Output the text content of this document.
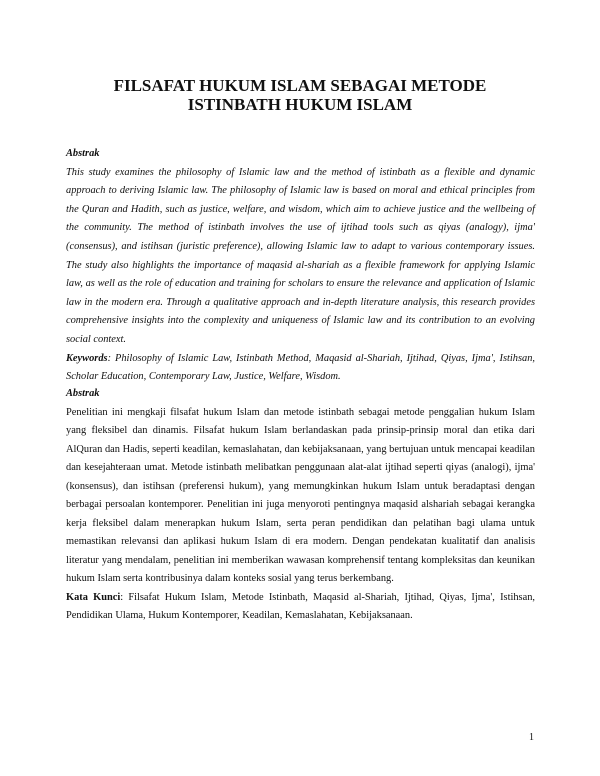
FILSAFAT HUKUM ISLAM SEBAGAI METODE
ISTINBATH HUKUM ISLAM
Abstrak

This study examines the philosophy of Islamic law and the method of istinbath as a flexible and dynamic approach to deriving Islamic law. The philosophy of Islamic law is based on moral and ethical principles from the Quran and Hadith, such as justice, welfare, and wisdom, which aim to achieve justice and the wellbeing of the community. The method of istinbath involves the use of ijtihad tools such as qiyas (analogy), ijma' (consensus), and istihsan (juristic preference), allowing Islamic law to adapt to various contemporary issues. The study also highlights the importance of maqasid al-shariah as a flexible framework for applying Islamic law, as well as the role of education and training for scholars to ensure the relevance and application of Islamic law in the modern era. Through a qualitative approach and in-depth literature analysis, this research provides comprehensive insights into the complexity and uniqueness of Islamic law and its contribution to an evolving social context.

Keywords: Philosophy of Islamic Law, Istinbath Method, Maqasid al-Shariah, Ijtihad, Qiyas, Ijma', Istihsan, Scholar Education, Contemporary Law, Justice, Welfare, Wisdom.

Abstrak

Penelitian ini mengkaji filsafat hukum Islam dan metode istinbath sebagai metode penggalian hukum Islam yang fleksibel dan dinamis. Filsafat hukum Islam berlandaskan pada prinsip-prinsip moral dan etika dari AlQuran dan Hadis, seperti keadilan, kemaslahatan, dan kebijaksanaan, yang bertujuan untuk mencapai keadilan dan kesejahteraan umat. Metode istinbath melibatkan penggunaan alat-alat ijtihad seperti qiyas (analogi), ijma' (konsensus), dan istihsan (preferensi hukum), yang memungkinkan hukum Islam untuk beradaptasi dengan berbagai persoalan kontemporer. Penelitian ini juga menyoroti pentingnya maqasid alshariah sebagai kerangka kerja fleksibel dalam menerapkan hukum Islam, serta peran pendidikan dan pelatihan bagi ulama untuk memastikan relevansi dan aplikasi hukum Islam di era modern. Dengan pendekatan kualitatif dan analisis literatur yang mendalam, penelitian ini memberikan wawasan komprehensif tentang kompleksitas dan keunikan hukum Islam serta kontribusinya dalam konteks sosial yang terus berkembang.

Kata Kunci: Filsafat Hukum Islam, Metode Istinbath, Maqasid al-Shariah, Ijtihad, Qiyas, Ijma', Istihsan, Pendidikan Ulama, Hukum Kontemporer, Keadilan, Kemaslahatan, Kebijaksanaan.

1
